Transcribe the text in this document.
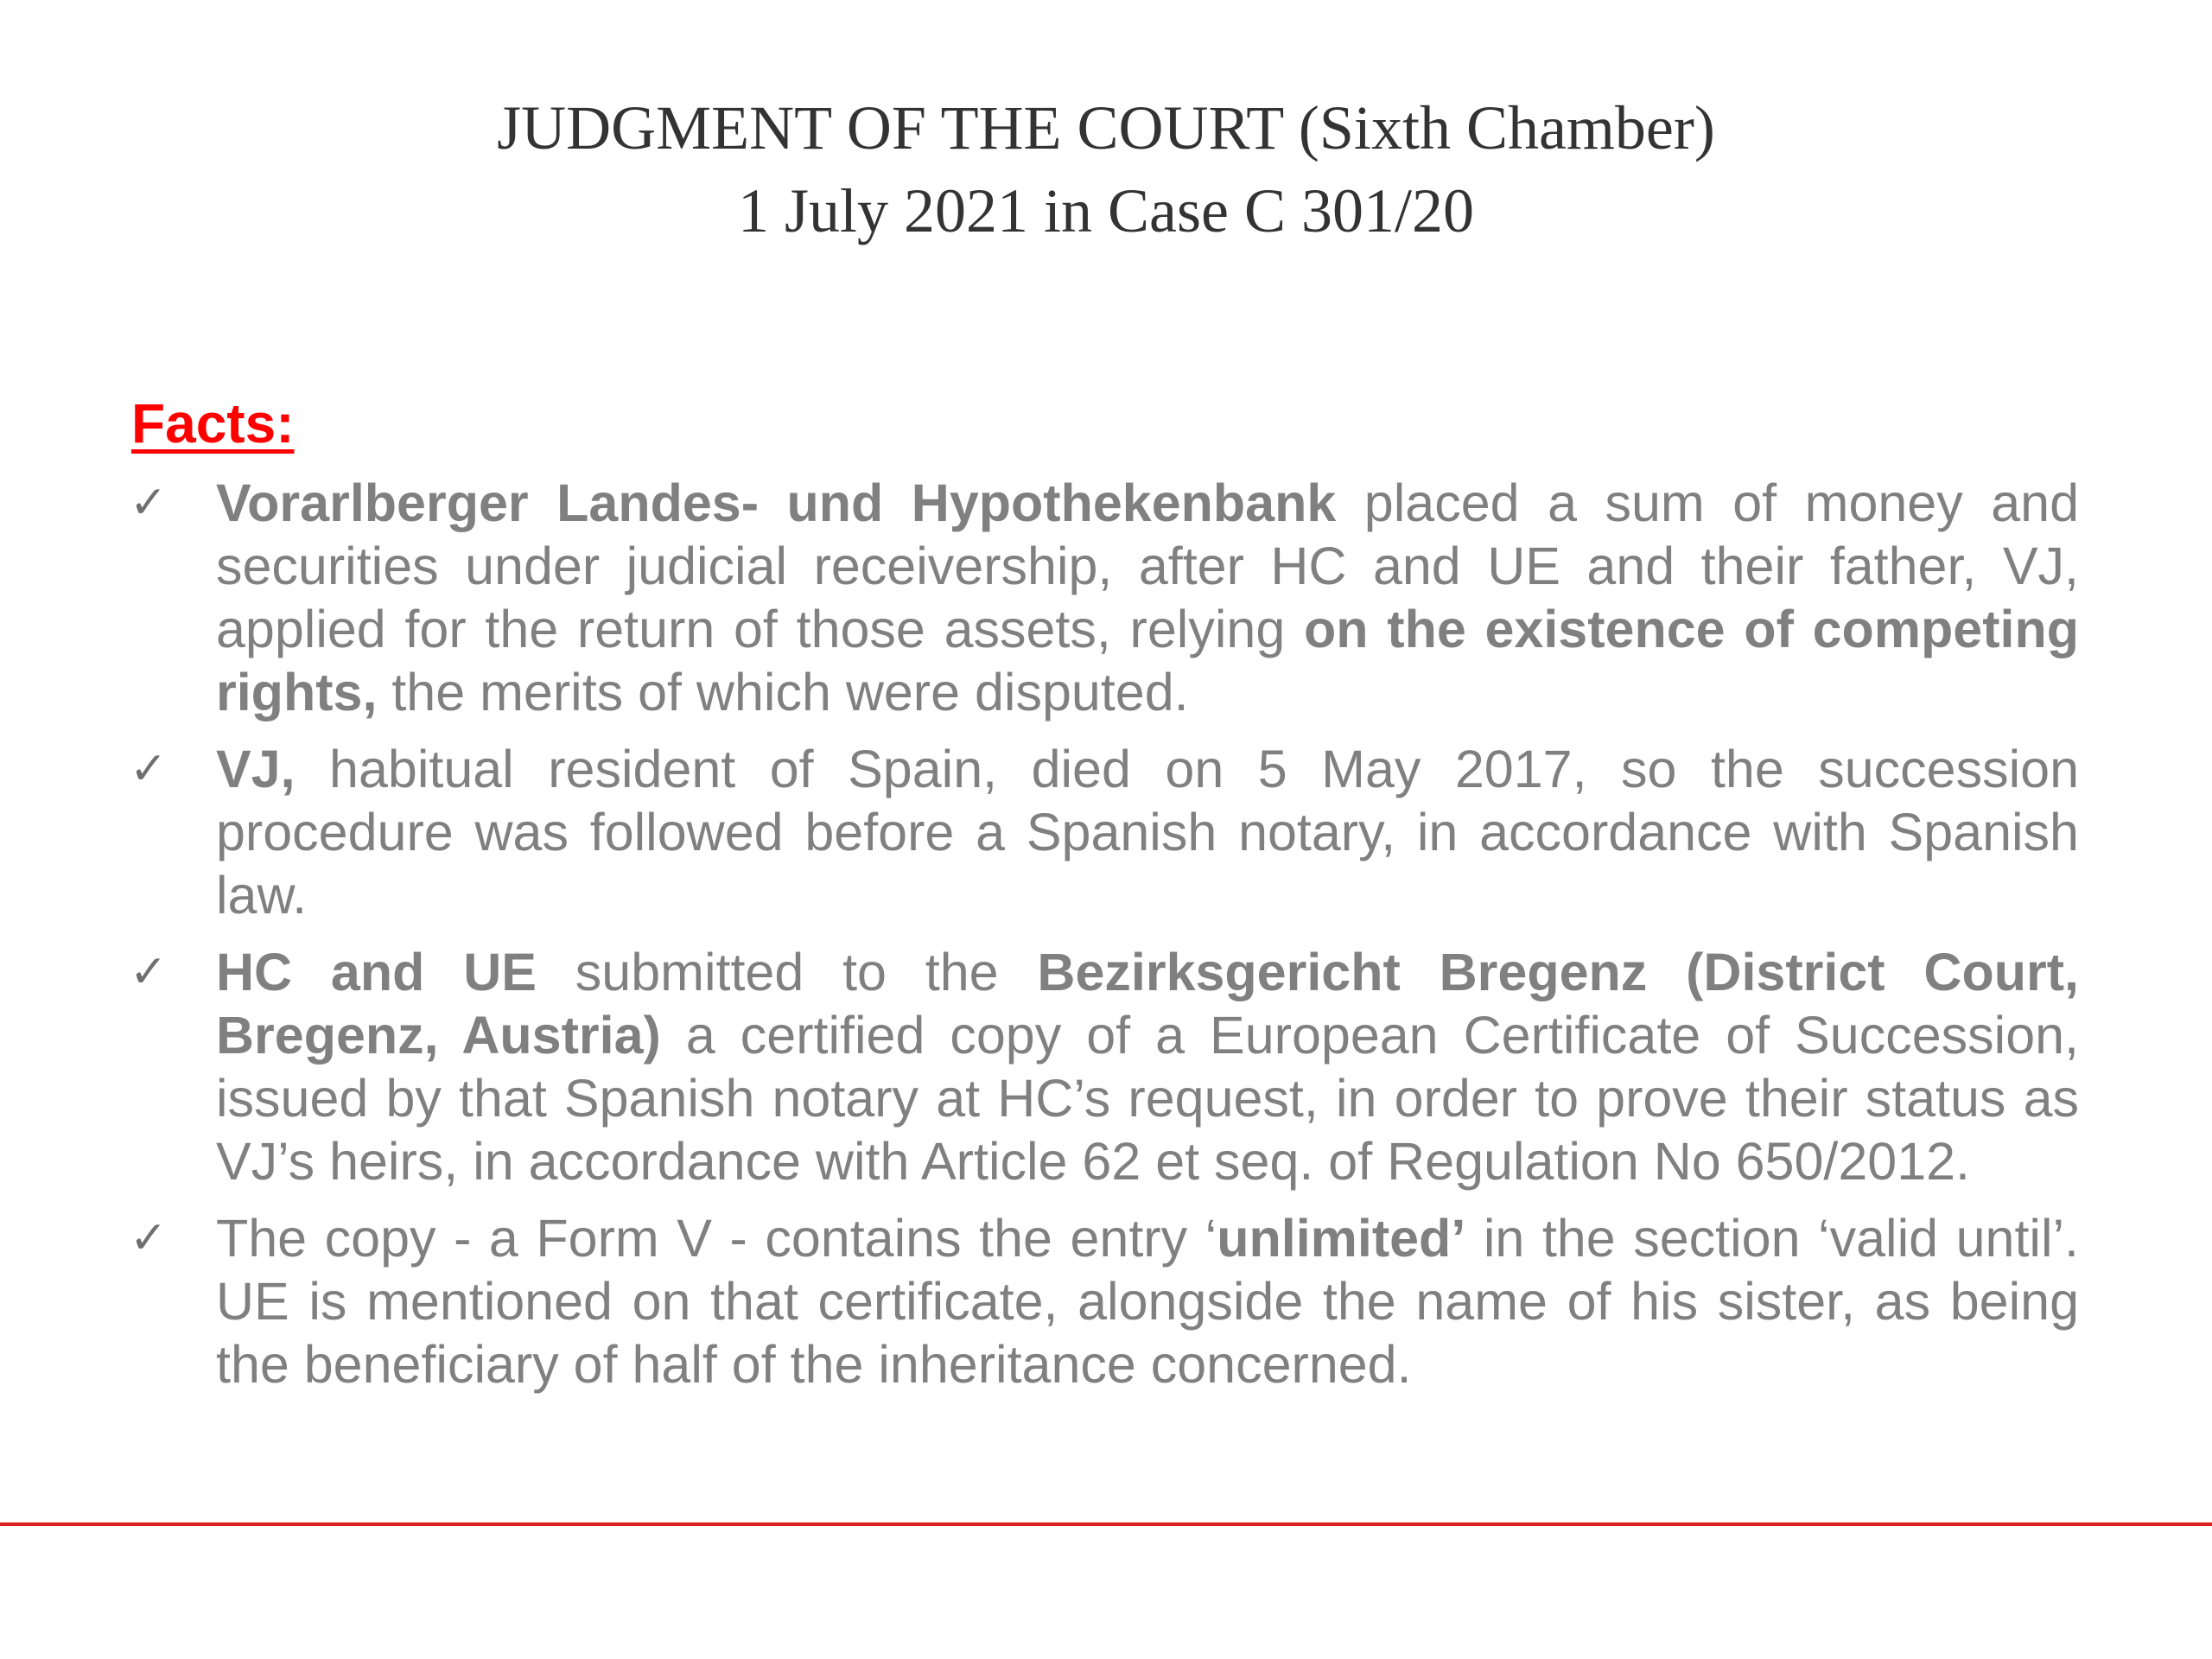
JUDGMENT OF THE COURT (Sixth Chamber)
1 July 2021 in Case C 301/20
Facts:
✓ Vorarlberger Landes- und Hypothekenbank placed a sum of money and securities under judicial receivership, after HC and UE and their father, VJ, applied for the return of those assets, relying on the existence of competing rights, the merits of which were disputed.
✓ VJ, habitual resident of Spain, died on 5 May 2017, so the succession procedure was followed before a Spanish notary, in accordance with Spanish law.
✓ HC and UE submitted to the Bezirksgericht Bregenz (District Court, Bregenz, Austria) a certified copy of a European Certificate of Succession, issued by that Spanish notary at HC’s request, in order to prove their status as VJ’s heirs, in accordance with Article 62 et seq. of Regulation No 650/2012.
✓ The copy - a Form V - contains the entry ‘unlimited’ in the section ‘valid until’. UE is mentioned on that certificate, alongside the name of his sister, as being the beneficiary of half of the inheritance concerned.
